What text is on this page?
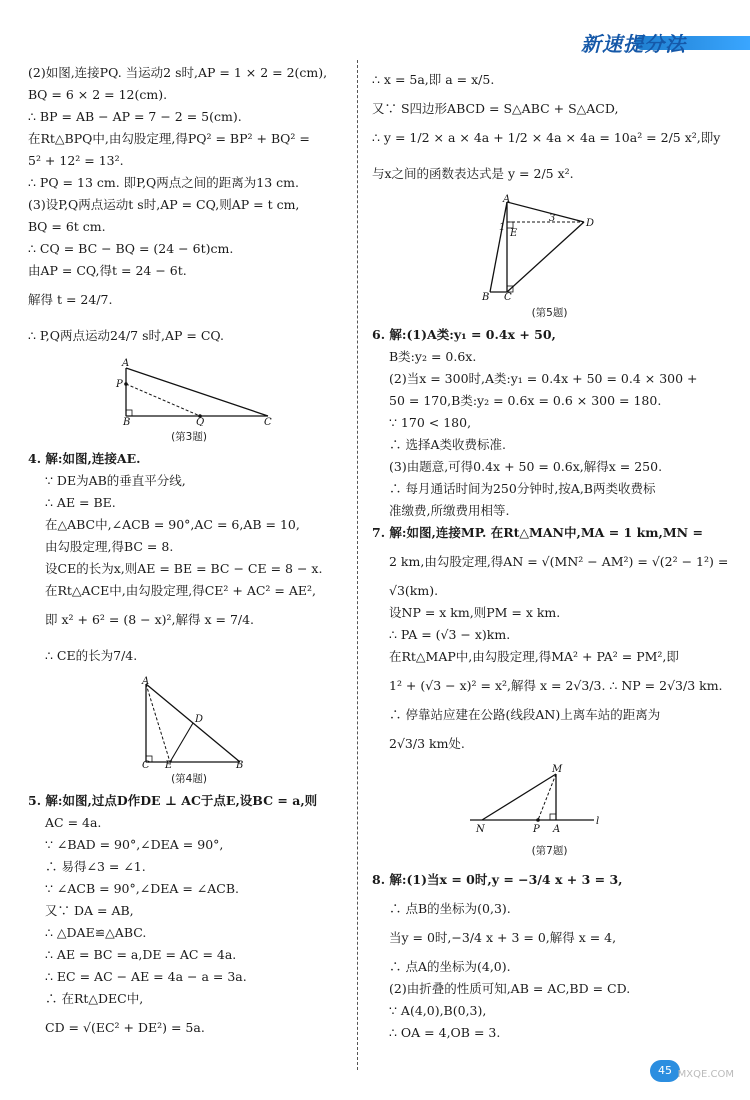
新速提分法
(2)如图,连接PQ. 当运动2 s时,AP = 1 × 2 = 2(cm),
BQ = 6 × 2 = 12(cm).
∴ BP = AB − AP = 7 − 2 = 5(cm).
在Rt△BPQ中,由勾股定理,得PQ² = BP² + BQ² =
5² + 12² = 13².
∴ PQ = 13 cm. 即P,Q两点之间的距离为13 cm.
(3)设P,Q两点运动t s时,AP = CQ,则AP = t cm,
BQ = 6t cm.
∴ CQ = BC − BQ = (24 − 6t)cm.
由AP = CQ,得t = 24 − 6t.
解得 t = 24/7.
∴ P,Q两点运动24/7 s时,AP = CQ.
A
P
B	Q	C
(第3题)
4. 解:如图,连接AE.
∵ DE为AB的垂直平分线,
∴ AE = BE.
在△ABC中,∠ACB = 90°,AC = 6,AB = 10,
由勾股定理,得BC = 8.
设CE的长为x,则AE = BE = BC − CE = 8 − x.
在Rt△ACE中,由勾股定理,得CE² + AC² = AE²,
即 x² + 6² = (8 − x)²,解得 x = 7/4.
∴ CE的长为7/4.
A
D
C E	B
(第4题)
5. 解:如图,过点D作DE ⊥ AC于点E,设BC = a,则
AC = 4a.
∵ ∠BAD = 90°,∠DEA = 90°,
∴ 易得∠3 = ∠1.
∵ ∠ACB = 90°,∠DEA = ∠ACB.
又∵ DA = AB,
∴ △DAE≌△ABC.
∴ AE = BC = a,DE = AC = 4a.
∴ EC = AC − AE = 4a − a = 3a.
∴ 在Rt△DEC中,
CD = √(EC² + DE²) = 5a.
∴ x = 5a,即 a = x/5.
又∵ S四边形ABCD = S△ABC + S△ACD,
∴ y = 1/2 × a × 4a + 1/2 × 4a × 4a = 10a² = 2/5 x²,即y
与x之间的函数表达式是 y = 2/5 x².
A
1
E
3	D
B C
(第5题)
6. 解:(1)A类:y₁ = 0.4x + 50,
B类:y₂ = 0.6x.
(2)当x = 300时,A类:y₁ = 0.4x + 50 = 0.4 × 300 +
50 = 170,B类:y₂ = 0.6x = 0.6 × 300 = 180.
∵ 170 < 180,
∴ 选择A类收费标准.
(3)由题意,可得0.4x + 50 = 0.6x,解得x = 250.
∴ 每月通话时间为250分钟时,按A,B两类收费标
准缴费,所缴费用相等.
7. 解:如图,连接MP. 在Rt△MAN中,MA = 1 km,MN =
2 km,由勾股定理,得AN = √(MN² − AM²) = √(2² − 1²) =
√3(km).
设NP = x km,则PM = x km.
∴ PA = (√3 − x)km.
在Rt△MAP中,由勾股定理,得MA² + PA² = PM²,即
1² + (√3 − x)² = x²,解得 x = 2√3/3. ∴ NP = 2√3/3 km.
∴ 停靠站应建在公路(线段AN)上离车站的距离为
2√3/3 km处.
M
N	P A
l
(第7题)
8. 解:(1)当x = 0时,y = −3/4 x + 3 = 3,
∴ 点B的坐标为(0,3).
当y = 0时,−3/4 x + 3 = 0,解得 x = 4,
∴ 点A的坐标为(4,0).
(2)由折叠的性质可知,AB = AC,BD = CD.
∵ A(4,0),B(0,3),
∴ OA = 4,OB = 3.
45 MXQE.COM
